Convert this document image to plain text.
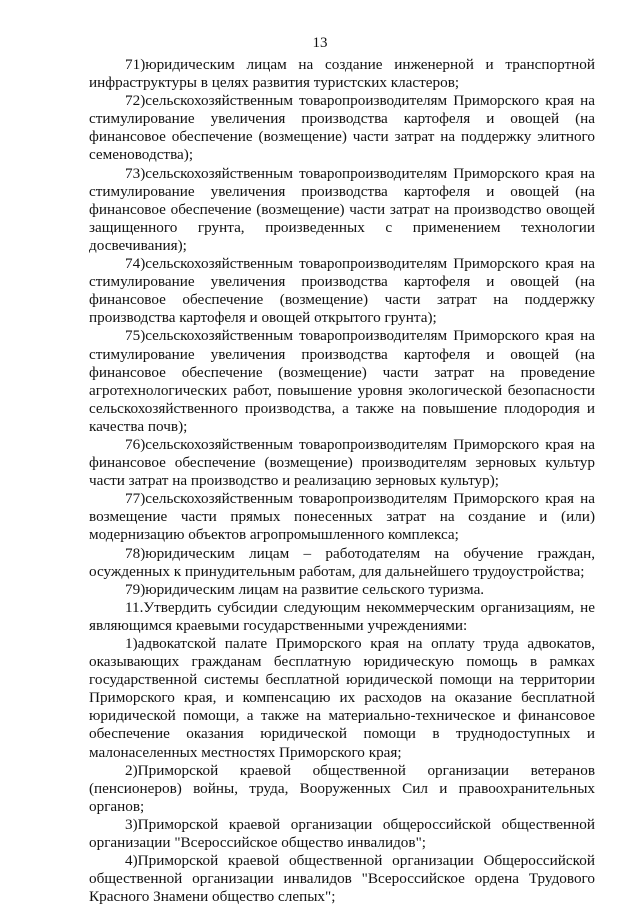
13

71)юридическим лицам на создание инженерной и транспортной инфраструктуры в целях развития туристских кластеров;

72)сельскохозяйственным товаропроизводителям Приморского края на стимулирование увеличения производства картофеля и овощей (на финансовое обеспечение (возмещение) части затрат на поддержку элитного семеноводства);

73)сельскохозяйственным товаропроизводителям Приморского края на стимулирование увеличения производства картофеля и овощей (на финансовое обеспечение (возмещение) части затрат на производство овощей защищенного грунта, произведенных с применением технологии досвечивания);

74)сельскохозяйственным товаропроизводителям Приморского края на стимулирование увеличения производства картофеля и овощей (на финансовое обеспечение (возмещение) части затрат на поддержку производства картофеля и овощей открытого грунта);

75)сельскохозяйственным товаропроизводителям Приморского края на стимулирование увеличения производства картофеля и овощей (на финансовое обеспечение (возмещение) части затрат на проведение агротехнологических работ, повышение уровня экологической безопасности сельскохозяйственного производства, а также на повышение плодородия и качества почв);

76)сельскохозяйственным товаропроизводителям Приморского края на финансовое обеспечение (возмещение) производителям зерновых культур части затрат на производство и реализацию зерновых культур);

77)сельскохозяйственным товаропроизводителям Приморского края на возмещение части прямых понесенных затрат на создание и (или) модернизацию объектов агропромышленного комплекса;

78)юридическим лицам – работодателям на обучение граждан, осужденных к принудительным работам, для дальнейшего трудоустройства;

79)юридическим лицам на развитие сельского туризма.

11.Утвердить субсидии следующим некоммерческим организациям, не являющимся краевыми государственными учреждениями:

1)адвокатской палате Приморского края на оплату труда адвокатов, оказывающих гражданам бесплатную юридическую помощь в рамках государственной системы бесплатной юридической помощи на территории Приморского края, и компенсацию их расходов на оказание бесплатной юридической помощи, а также на материально-техническое и финансовое обеспечение оказания юридической помощи в труднодоступных и малонаселенных местностях Приморского края;

2)Приморской краевой общественной организации ветеранов (пенсионеров) войны, труда, Вооруженных Сил и правоохранительных органов;

3)Приморской краевой организации общероссийской общественной организации "Всероссийское общество инвалидов";

4)Приморской краевой общественной организации Общероссийской общественной организации инвалидов "Всероссийское ордена Трудового Красного Знамени общество слепых";
